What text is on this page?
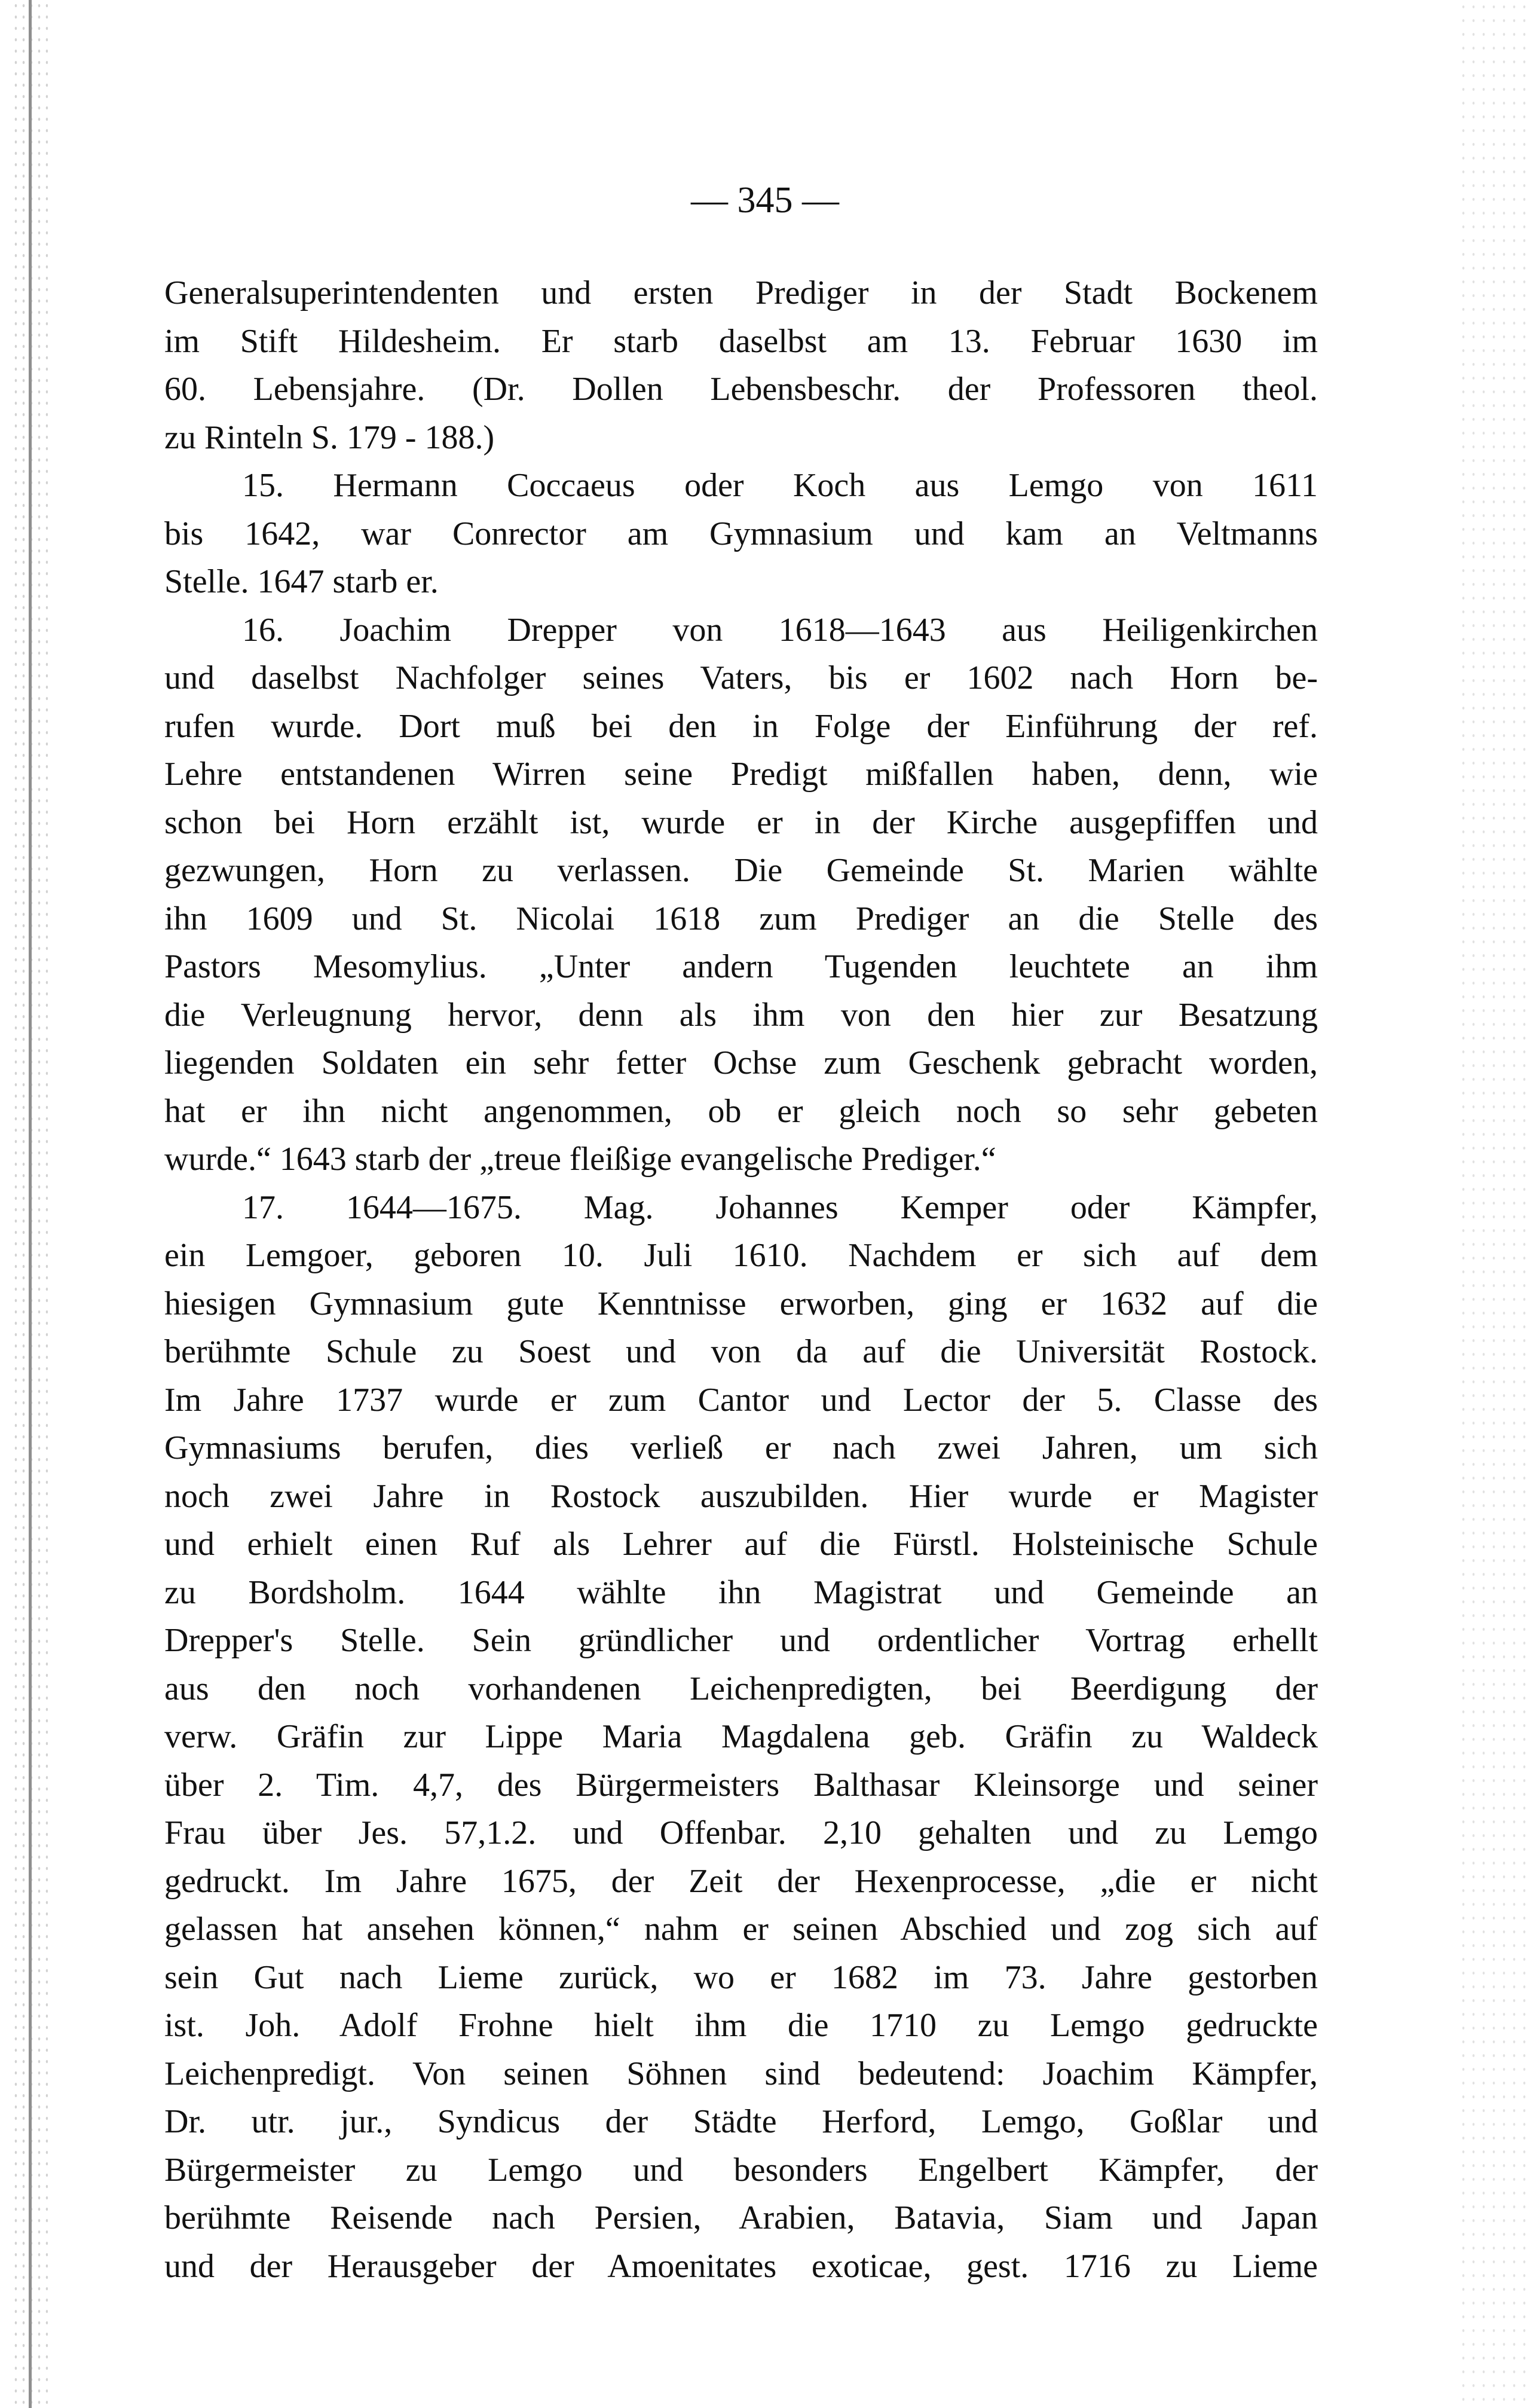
— 345 —
Generalsuperintendenten und ersten Prediger in der Stadt Bockenem
im Stift Hildesheim. Er starb daselbst am 13. Februar 1630 im
60. Lebensjahre. (Dr. Dollen Lebensbeschr. der Professoren theol.
zu Rinteln S. 179 - 188.)
15. Hermann Coccaeus oder Koch aus Lemgo von 1611
bis 1642, war Conrector am Gymnasium und kam an Veltmanns
Stelle. 1647 starb er.
16. Joachim Drepper von 1618—1643 aus Heiligenkirchen
und daselbst Nachfolger seines Vaters, bis er 1602 nach Horn be-
rufen wurde. Dort muß bei den in Folge der Einführung der ref.
Lehre entstandenen Wirren seine Predigt mißfallen haben, denn, wie
schon bei Horn erzählt ist, wurde er in der Kirche ausgepfiffen und
gezwungen, Horn zu verlassen. Die Gemeinde St. Marien wählte
ihn 1609 und St. Nicolai 1618 zum Prediger an die Stelle des
Pastors Mesomylius. „Unter andern Tugenden leuchtete an ihm
die Verleugnung hervor, denn als ihm von den hier zur Besatzung
liegenden Soldaten ein sehr fetter Ochse zum Geschenk gebracht worden,
hat er ihn nicht angenommen, ob er gleich noch so sehr gebeten
wurde.“ 1643 starb der „treue fleißige evangelische Prediger.“
17. 1644—1675. Mag. Johannes Kemper oder Kämpfer,
ein Lemgoer, geboren 10. Juli 1610. Nachdem er sich auf dem
hiesigen Gymnasium gute Kenntnisse erworben, ging er 1632 auf die
berühmte Schule zu Soest und von da auf die Universität Rostock.
Im Jahre 1737 wurde er zum Cantor und Lector der 5. Classe des
Gymnasiums berufen, dies verließ er nach zwei Jahren, um sich
noch zwei Jahre in Rostock auszubilden. Hier wurde er Magister
und erhielt einen Ruf als Lehrer auf die Fürstl. Holsteinische Schule
zu Bordsholm. 1644 wählte ihn Magistrat und Gemeinde an
Drepper's Stelle. Sein gründlicher und ordentlicher Vortrag erhellt
aus den noch vorhandenen Leichenpredigten, bei Beerdigung der
verw. Gräfin zur Lippe Maria Magdalena geb. Gräfin zu Waldeck
über 2. Tim. 4,7, des Bürgermeisters Balthasar Kleinsorge und seiner
Frau über Jes. 57,1.2. und Offenbar. 2,10 gehalten und zu Lemgo
gedruckt. Im Jahre 1675, der Zeit der Hexenprocesse, „die er nicht
gelassen hat ansehen können,“ nahm er seinen Abschied und zog sich auf
sein Gut nach Lieme zurück, wo er 1682 im 73. Jahre gestorben
ist. Joh. Adolf Frohne hielt ihm die 1710 zu Lemgo gedruckte
Leichenpredigt. Von seinen Söhnen sind bedeutend: Joachim Kämpfer,
Dr. utr. jur., Syndicus der Städte Herford, Lemgo, Goßlar und
Bürgermeister zu Lemgo und besonders Engelbert Kämpfer, der
berühmte Reisende nach Persien, Arabien, Batavia, Siam und Japan
und der Herausgeber der Amoenitates exoticae, gest. 1716 zu Lieme
